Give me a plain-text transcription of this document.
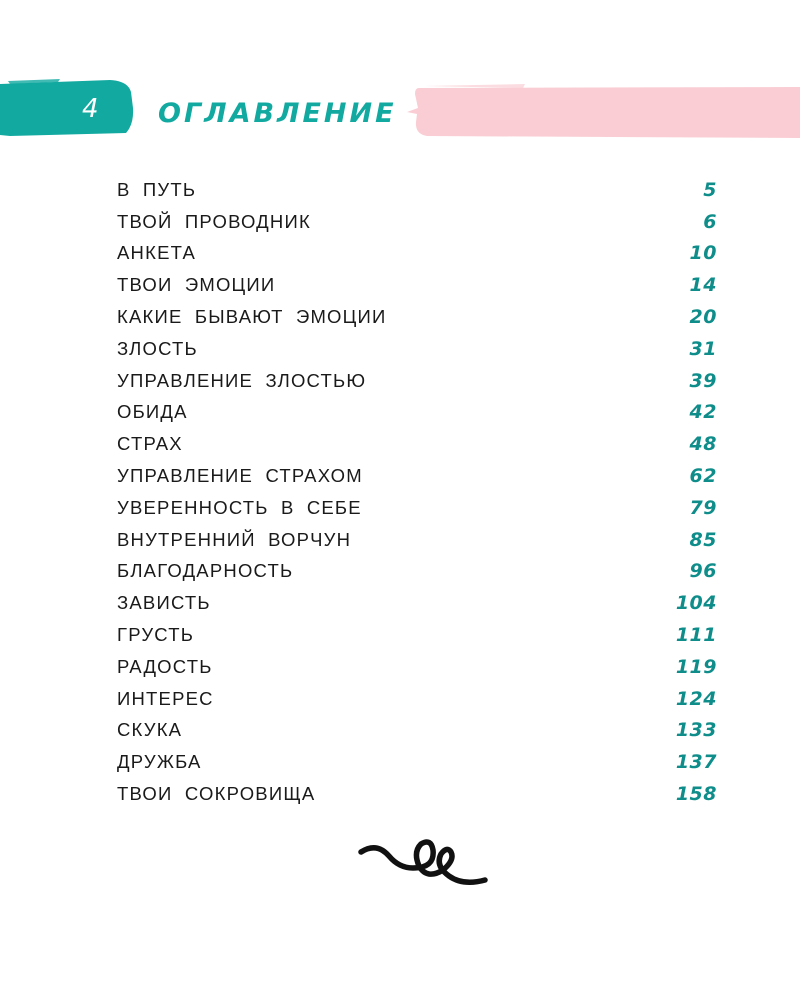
4	ОГЛАВЛЕНИЕ
В ПУТЬ	5
ТВОЙ ПРОВОДНИК	6
АНКЕТА	10
ТВОИ ЭМОЦИИ	14
КАКИЕ БЫВАЮТ ЭМОЦИИ	20
ЗЛОСТЬ	31
УПРАВЛЕНИЕ ЗЛОСТЬЮ	39
ОБИДА	42
СТРАХ	48
УПРАВЛЕНИЕ СТРАХОМ	62
УВЕРЕННОСТЬ В СЕБЕ	79
ВНУТРЕННИЙ ВОРЧУН	85
БЛАГОДАРНОСТЬ	96
ЗАВИСТЬ	104
ГРУСТЬ	111
РАДОСТЬ	119
ИНТЕРЕС	124
СКУКА	133
ДРУЖБА	137
ТВОИ СОКРОВИЩА	158
